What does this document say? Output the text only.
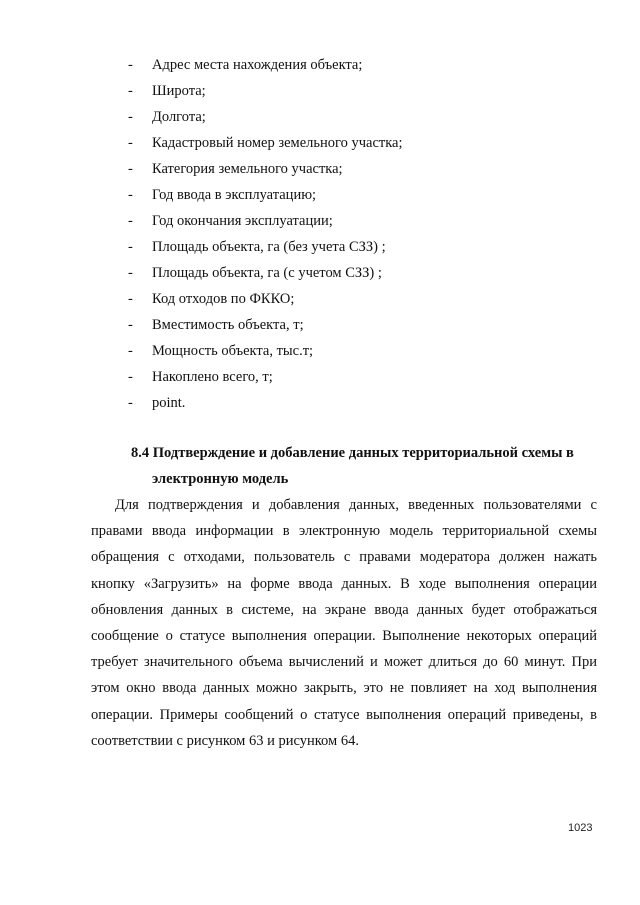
- Адрес места нахождения объекта;
- Широта;
- Долгота;
- Кадастровый номер земельного участка;
- Категория земельного участка;
- Год ввода в эксплуатацию;
- Год окончания эксплуатации;
- Площадь объекта, га (без учета СЗЗ) ;
- Площадь объекта, га (с учетом СЗЗ) ;
- Код отходов по ФККО;
- Вместимость объекта, т;
- Мощность объекта, тыс.т;
- Накоплено всего, т;
- point.
8.4 Подтверждение и добавление данных территориальной схемы в
электронную модель

Для подтверждения и добавления данных, введенных пользователями с правами ввода информации в электронную модель территориальной схемы обращения с отходами, пользователь с правами модератора должен нажать кнопку «Загрузить» на форме ввода данных. В ходе выполнения операции обновления данных в системе, на экране ввода данных будет отображаться сообщение о статусе выполнения операции. Выполнение некоторых операций требует значительного объема вычислений и может длиться до 60 минут. При этом окно ввода данных можно закрыть, это не повлияет на ход выполнения операции. Примеры сообщений о статусе выполнения операций приведены, в соответствии с рисунком 63 и рисунком 64.

1023
